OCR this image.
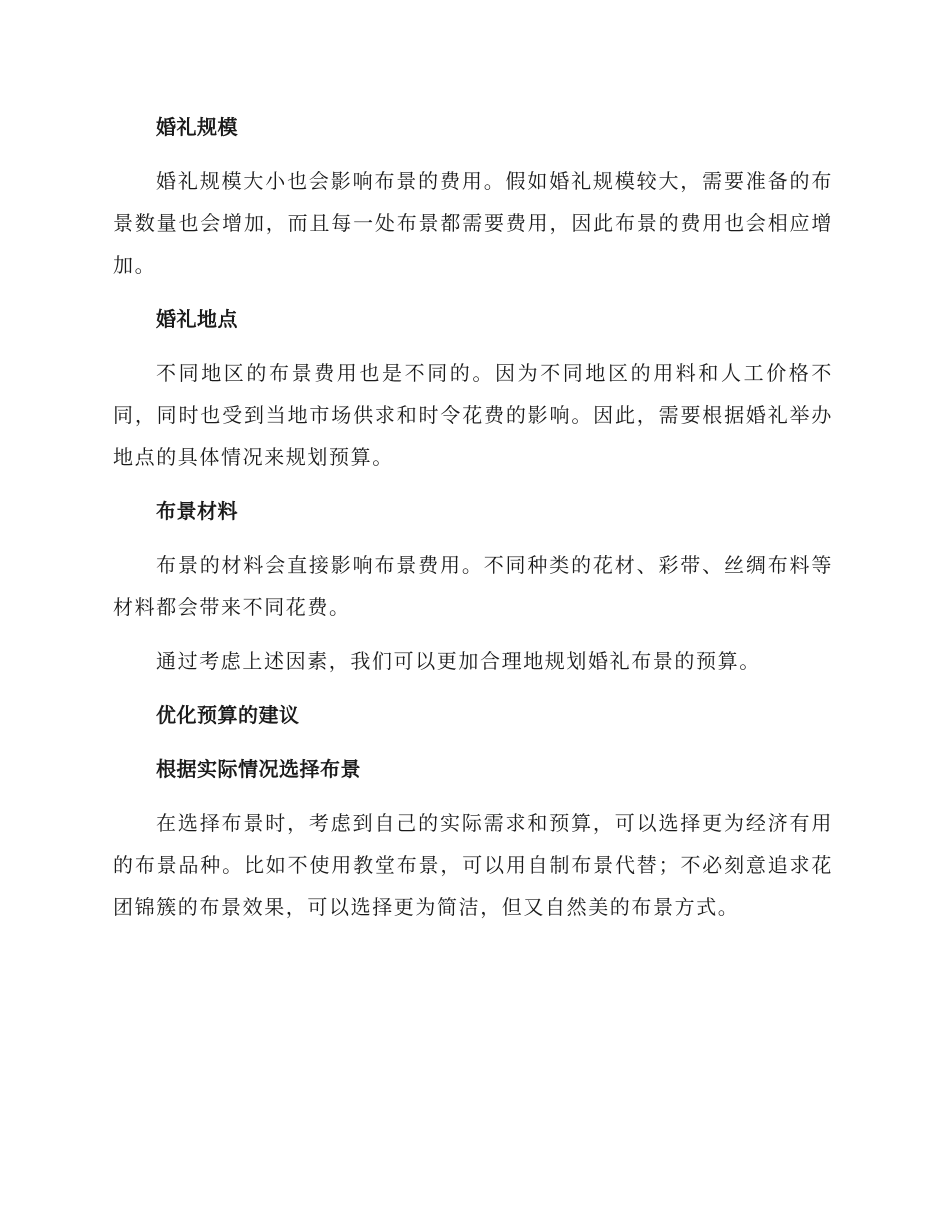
婚礼规模

婚礼规模大小也会影响布景的费用。假如婚礼规模较大，需要准备的布景数量也会增加，而且每一处布景都需要费用，因此布景的费用也会相应增加。

婚礼地点

不同地区的布景费用也是不同的。因为不同地区的用料和人工价格不同，同时也受到当地市场供求和时令花费的影响。因此，需要根据婚礼举办地点的具体情况来规划预算。

布景材料

布景的材料会直接影响布景费用。不同种类的花材、彩带、丝绸布料等材料都会带来不同花费。

通过考虑上述因素，我们可以更加合理地规划婚礼布景的预算。

优化预算的建议
根据实际情况选择布景

在选择布景时，考虑到自己的实际需求和预算，可以选择更为经济有用的布景品种。比如不使用教堂布景，可以用自制布景代替；不必刻意追求花团锦簇的布景效果，可以选择更为简洁，但又自然美的布景方式。
